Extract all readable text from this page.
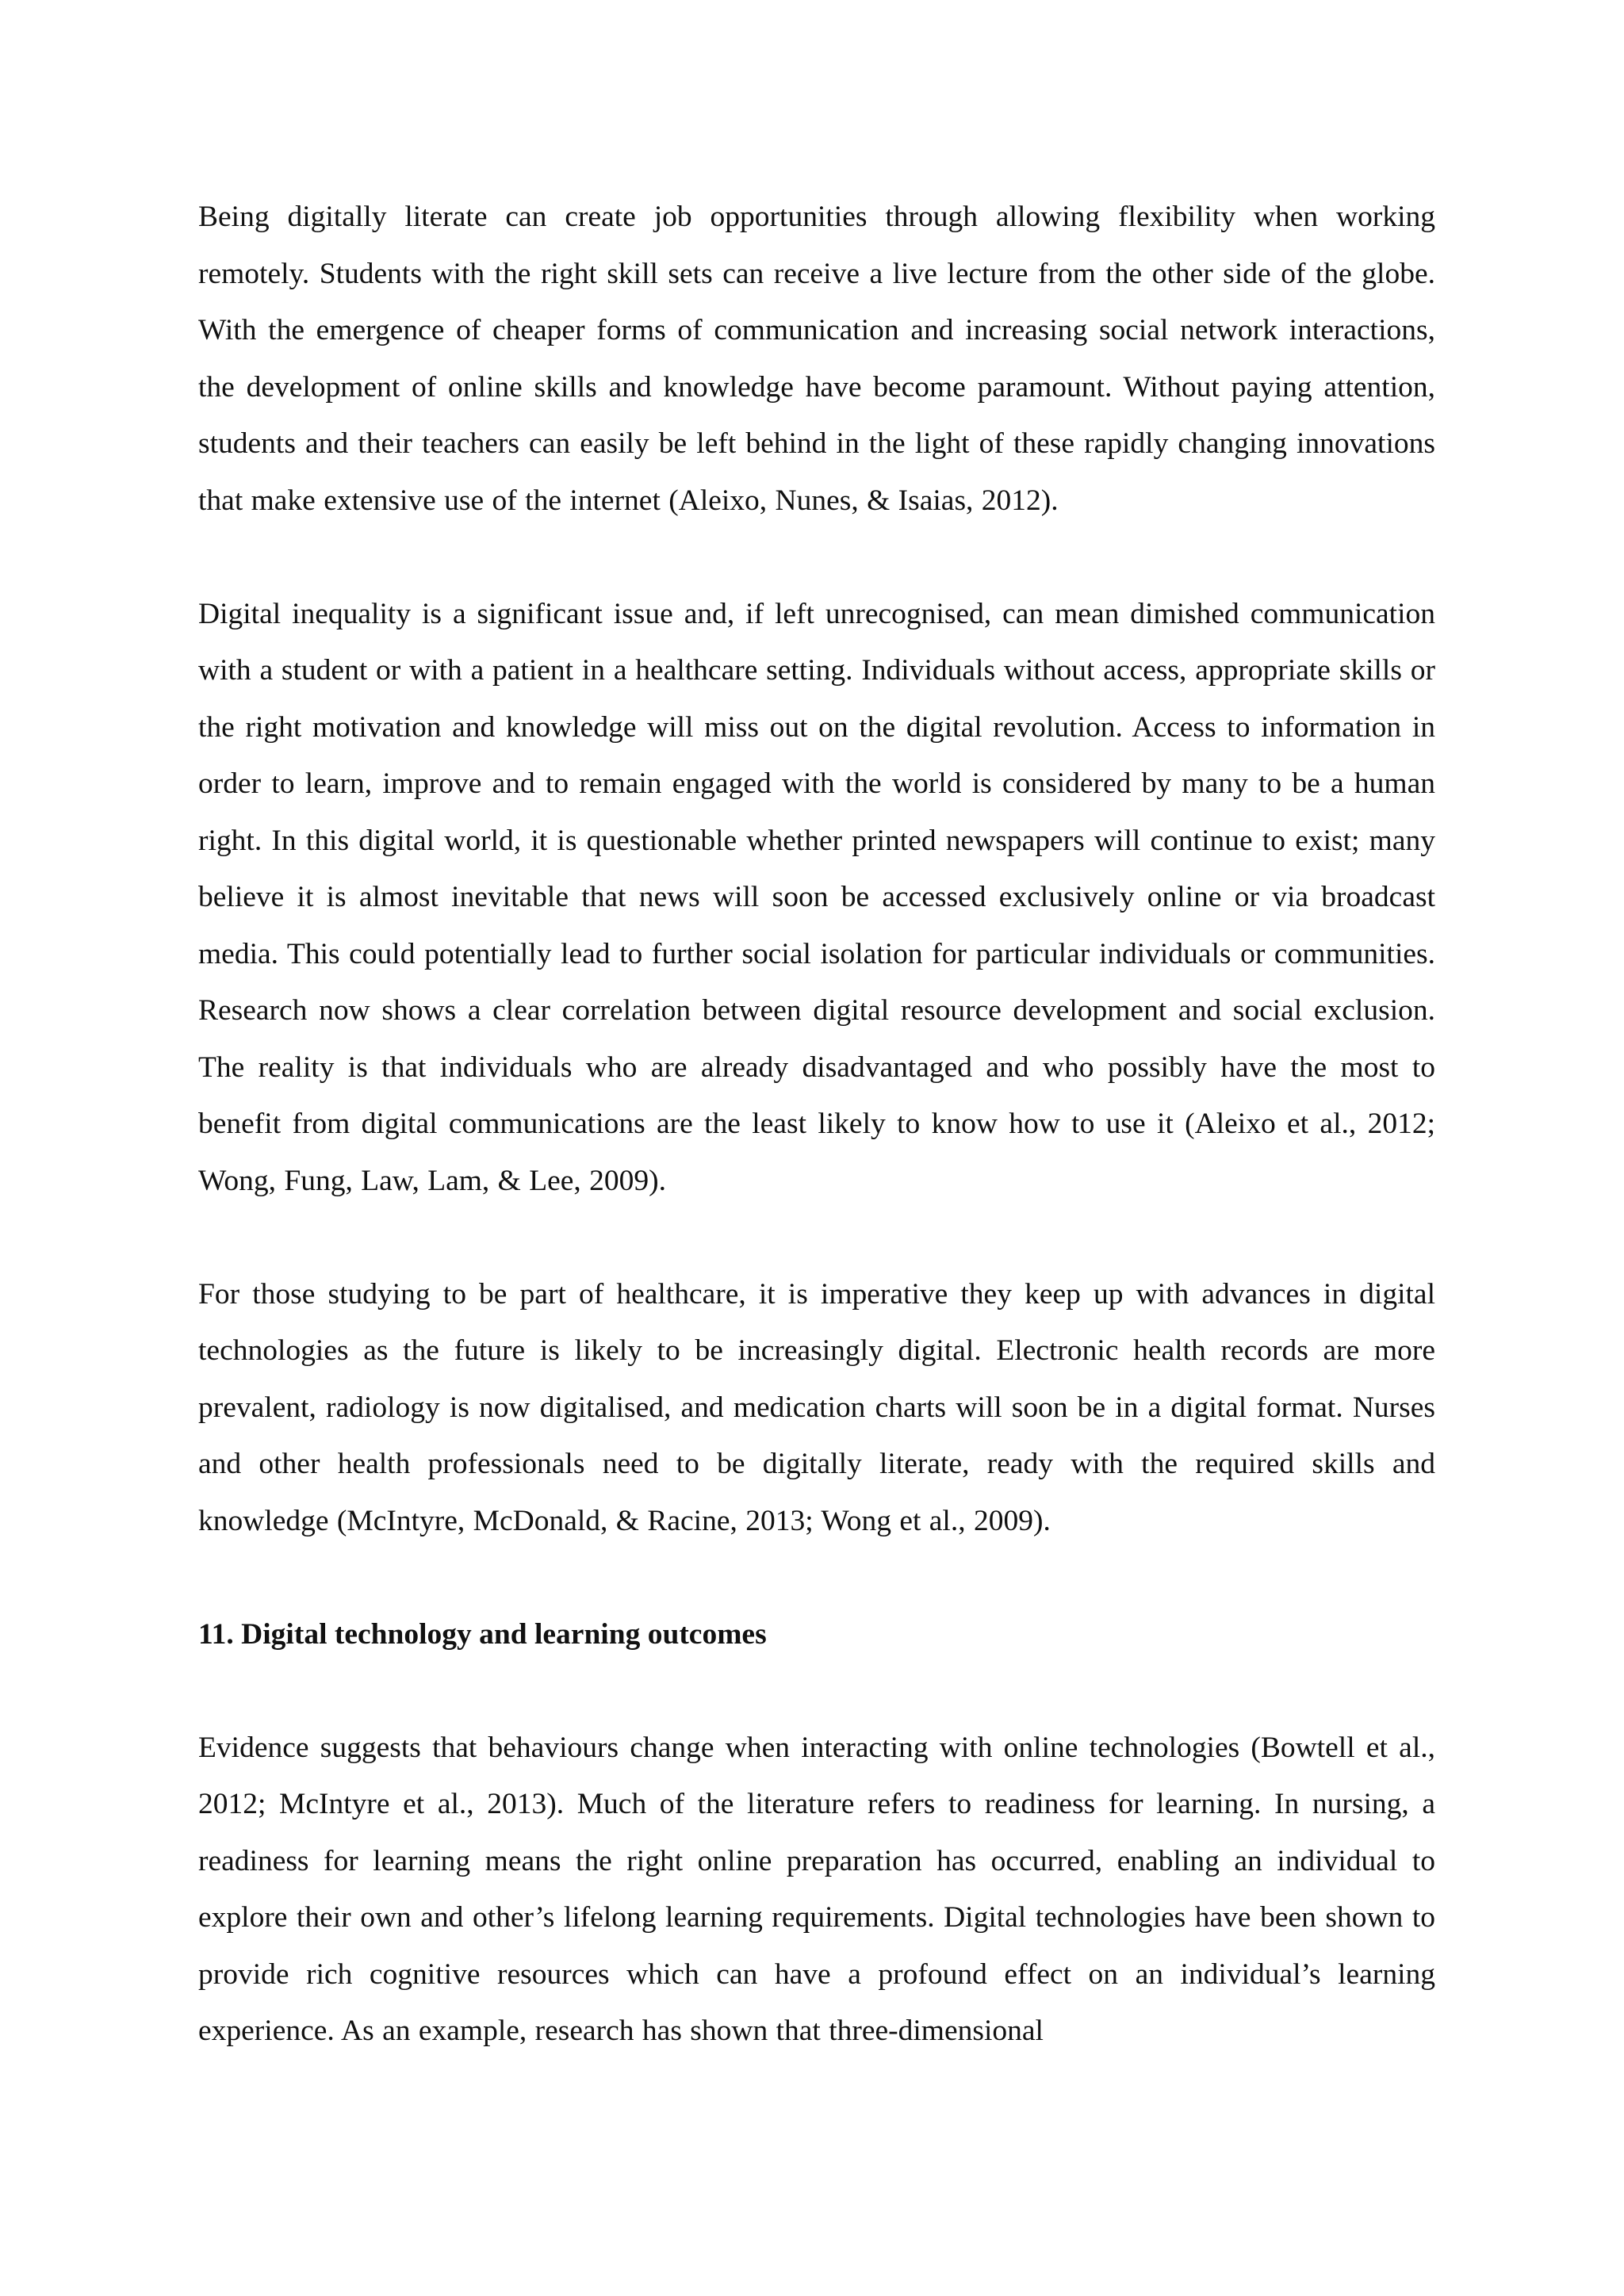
Being digitally literate can create job opportunities through allowing flexibility when working remotely. Students with the right skill sets can receive a live lecture from the other side of the globe. With the emergence of cheaper forms of communication and increasing social network interactions, the development of online skills and knowledge have become paramount. Without paying attention, students and their teachers can easily be left behind in the light of these rapidly changing innovations that make extensive use of the internet (Aleixo, Nunes, & Isaias, 2012).

Digital inequality is a significant issue and, if left unrecognised, can mean dimished communication with a student or with a patient in a healthcare setting. Individuals without access, appropriate skills or the right motivation and knowledge will miss out on the digital revolution. Access to information in order to learn, improve and to remain engaged with the world is considered by many to be a human right. In this digital world, it is questionable whether printed newspapers will continue to exist; many believe it is almost inevitable that news will soon be accessed exclusively online or via broadcast media. This could potentially lead to further social isolation for particular individuals or communities. Research now shows a clear correlation between digital resource development and social exclusion. The reality is that individuals who are already disadvantaged and who possibly have the most to benefit from digital communications are the least likely to know how to use it (Aleixo et al., 2012; Wong, Fung, Law, Lam, & Lee, 2009).

For those studying to be part of healthcare, it is imperative they keep up with advances in digital technologies as the future is likely to be increasingly digital. Electronic health records are more prevalent, radiology is now digitalised, and medication charts will soon be in a digital format. Nurses and other health professionals need to be digitally literate, ready with the required skills and knowledge (McIntyre, McDonald, & Racine, 2013; Wong et al., 2009).

11. Digital technology and learning outcomes

Evidence suggests that behaviours change when interacting with online technologies (Bowtell et al., 2012; McIntyre et al., 2013). Much of the literature refers to readiness for learning. In nursing, a readiness for learning means the right online preparation has occurred, enabling an individual to explore their own and other’s lifelong learning requirements. Digital technologies have been shown to provide rich cognitive resources which can have a profound effect on an individual’s learning experience. As an example, research has shown that three-dimensional
